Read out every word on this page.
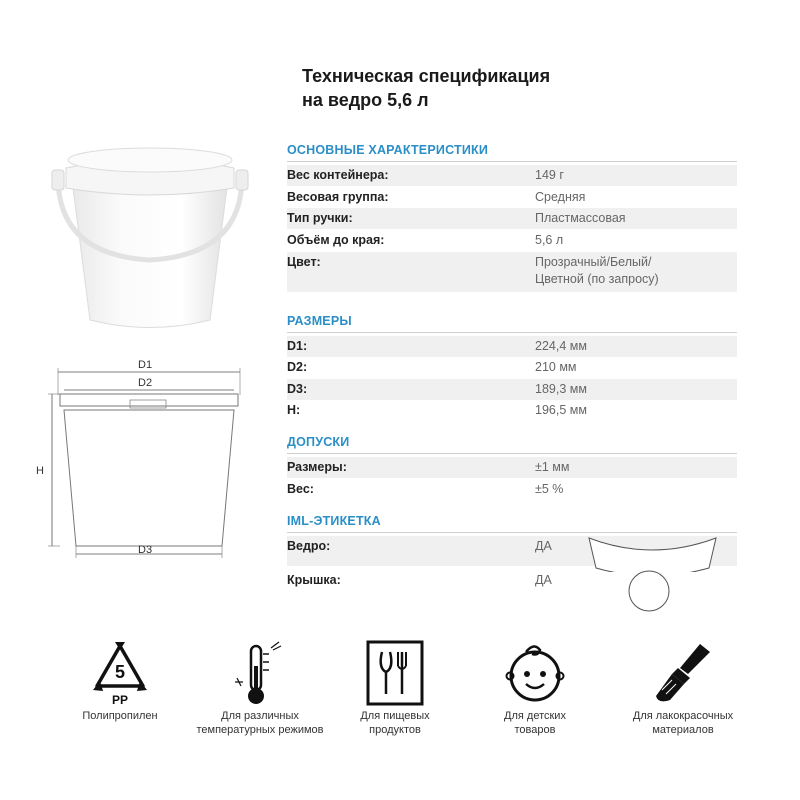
D1
D2
D3
H
Техническая спецификация
на ведро 5,6 л
ОСНОВНЫЕ ХАРАКТЕРИСТИКИ
Вес контейнера:	149 г
Весовая группа:	Средняя
Тип ручки:	Пластмассовая
Объём до края:	5,6 л
Цвет:	Прозрачный/Белый/
Цветной (по запросу)
РАЗМЕРЫ
D1:	224,4 мм
D2:	210 мм
D3:	189,3 мм
H:	196,5 мм
ДОПУСКИ
Размеры:	±1 мм
Вес:	±5 %
IML-ЭТИКЕТКА
Ведро:	ДА
Крышка:	ДА
5
PP
Полипропилен	Для различных
температурных режимов
Для пищевых
продуктов
Для детских
товаров
Для лакокрасочных
материалов
